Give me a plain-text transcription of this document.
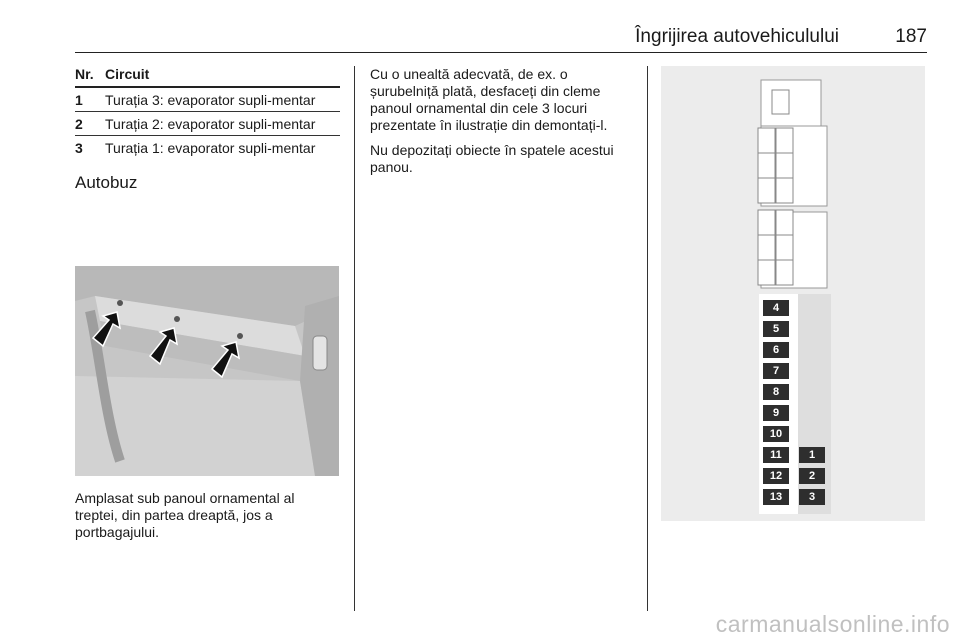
Îngrijirea autovehiculului	187
Nr. Circuit
1	Turația 3: evaporator supli-mentar
2	Turația 2: evaporator supli-mentar
3	Turația 1: evaporator supli-mentar
Autobuz
Amplasat sub panoul ornamental al treptei, din partea dreaptă, jos a portbagajului.

Cu o unealtă adecvată, de ex. o șurubelniță plată, desfaceți din cleme panoul ornamental din cele 3 locuri prezentate în ilustrație din demontați-l.

Nu depozitați obiecte în spatele acestui panou.

4
5
6
7
8
9
10
11
12
13
1
2
3
carmanualsonline.info
